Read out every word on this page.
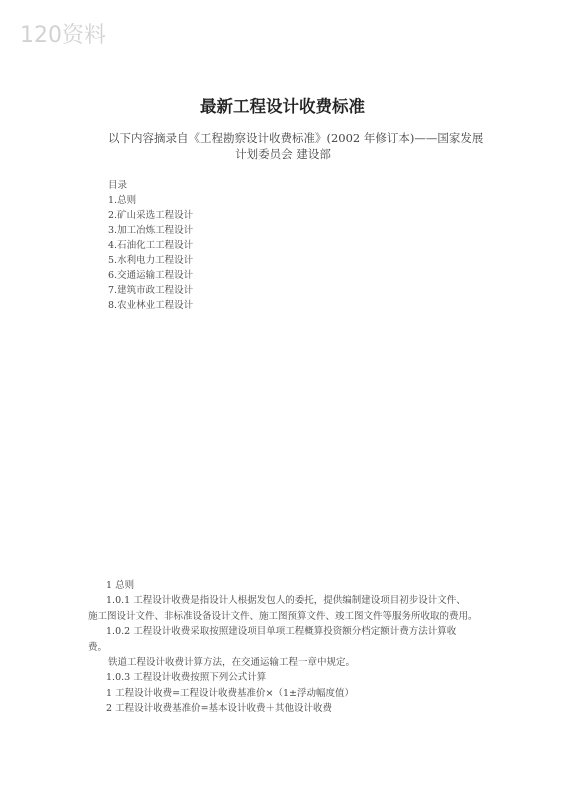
120资料
最新工程设计收费标准
以下内容摘录自《工程勘察设计收费标准》(2002 年修订本)——国家发展
计划委员会 建设部
目录
1.总则
2.矿山采选工程设计
3.加工冶炼工程设计
4.石油化工工程设计
5.水利电力工程设计
6.交通运输工程设计
7.建筑市政工程设计
8.农业林业工程设计
1 总则
1.0.1 工程设计收费是指设计人根据发包人的委托，提供编制建设项目初步设计文件、
施工图设计文件、非标准设备设计文件、施工图预算文件、竣工图文件等服务所收取的费用。
1.0.2 工程设计收费采取按照建设项目单项工程概算投资额分档定额计费方法计算收
费。
铁道工程设计收费计算方法，在交通运输工程一章中规定。
1.0.3 工程设计收费按照下列公式计算
1 工程设计收费=工程设计收费基准价×（1±浮动幅度值）
2 工程设计收费基准价=基本设计收费＋其他设计收费
